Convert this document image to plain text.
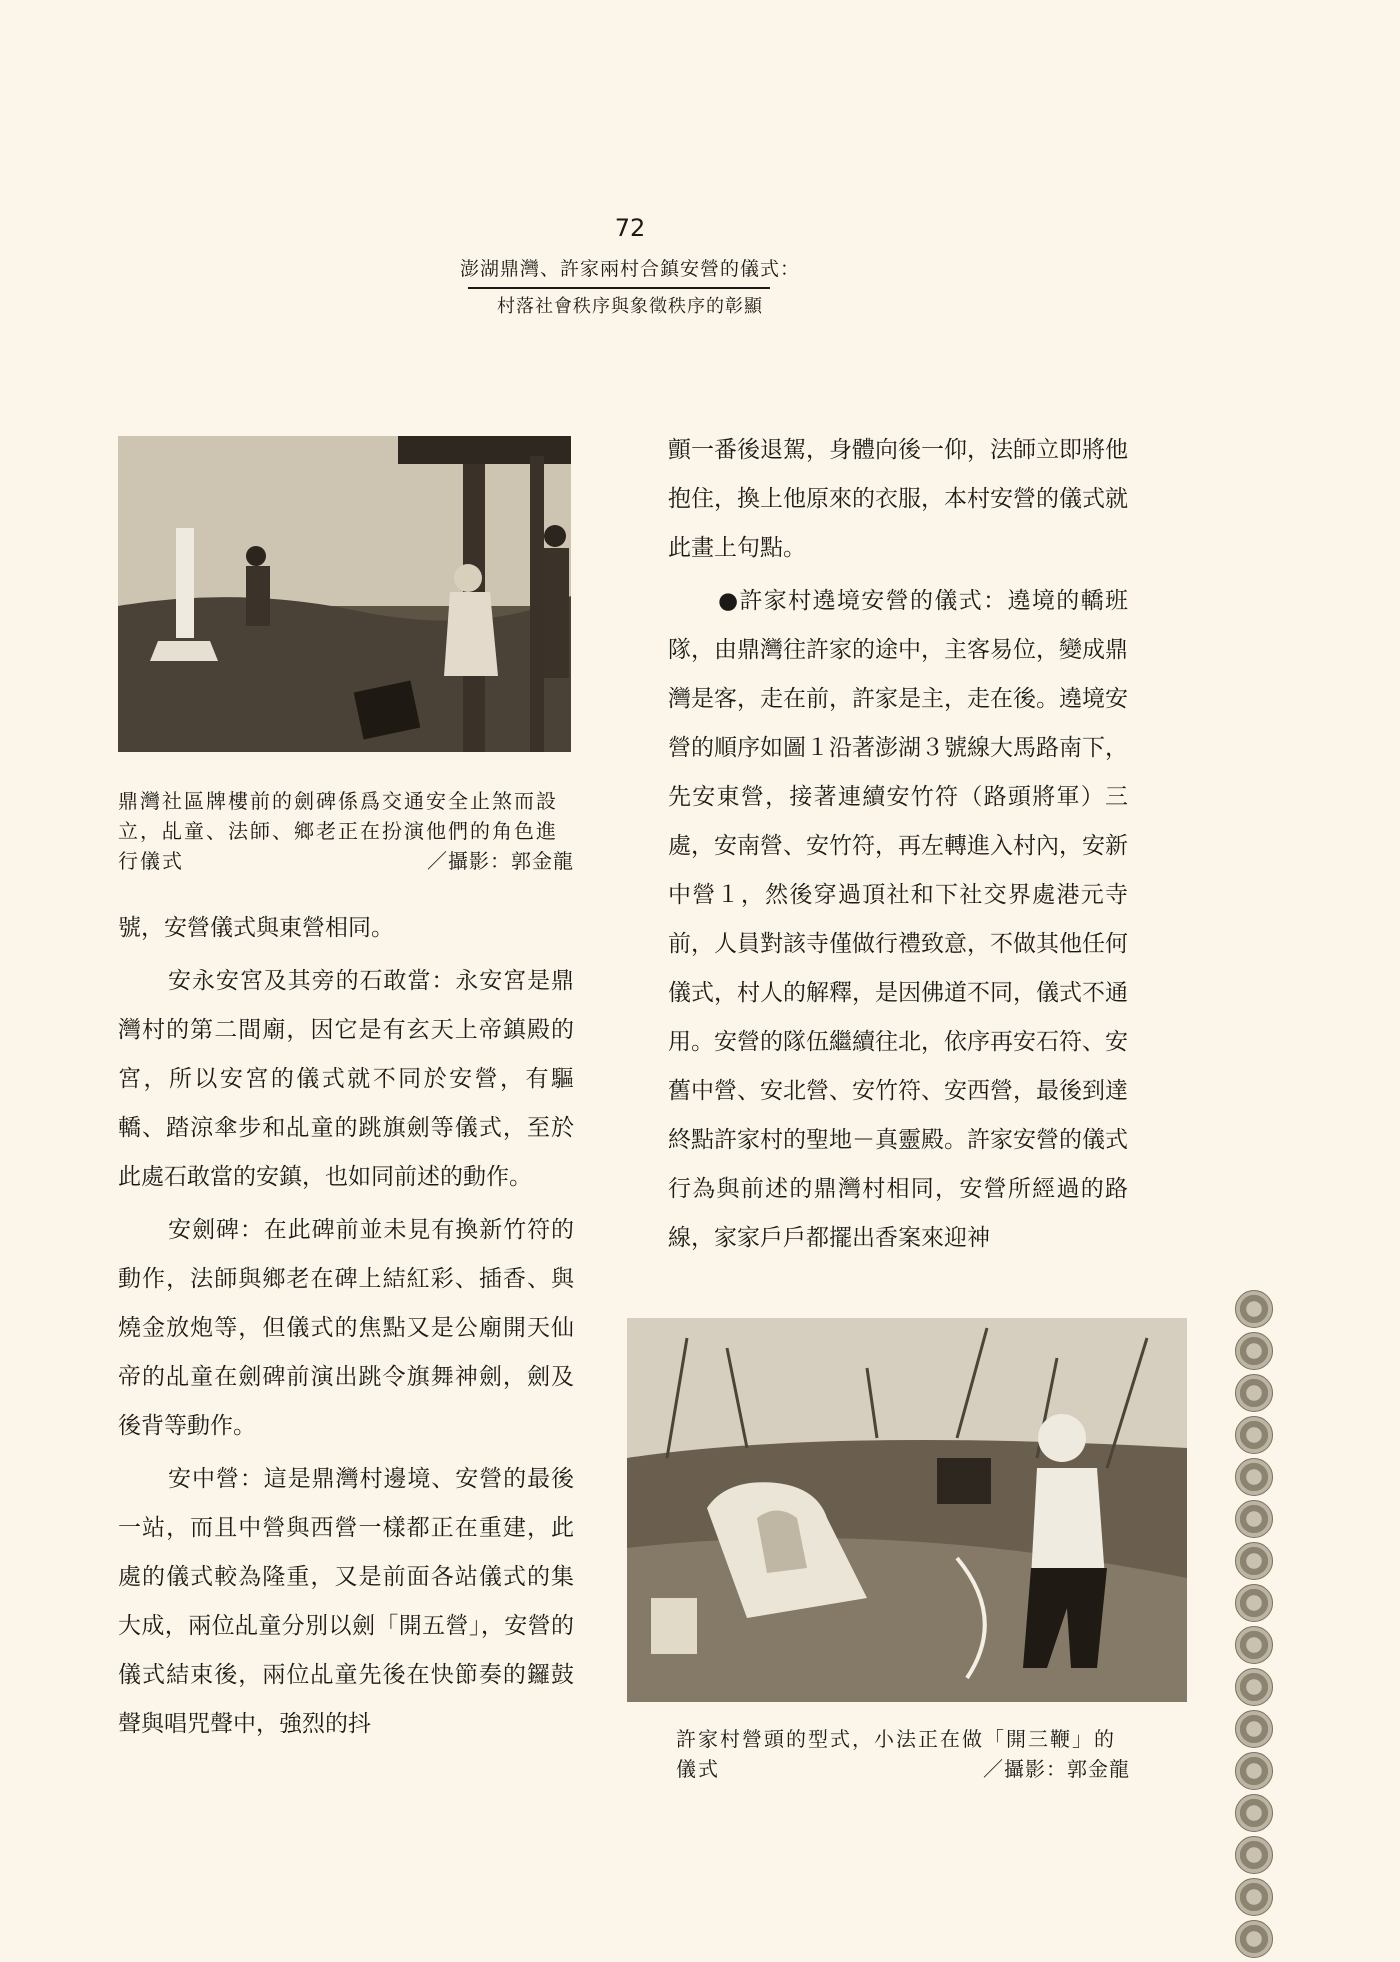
72
澎湖鼎灣、許家兩村合鎮安營的儀式：
村落社會秩序與象徵秩序的彰顯
鼎灣社區牌樓前的劍碑係爲交通安全止煞而設立，乩童、法師、鄉老正在扮演他們的角色進行儀式	／攝影：郭金龍

號，安營儀式與東營相同。

安永安宮及其旁的石敢當：永安宮是鼎灣村的第二間廟，因它是有玄天上帝鎮殿的宮，所以安宮的儀式就不同於安營，有驅轎、踏涼傘步和乩童的跳旗劍等儀式，至於此處石敢當的安鎮，也如同前述的動作。

安劍碑：在此碑前並未見有換新竹符的動作，法師與鄉老在碑上結紅彩、插香、與燒金放炮等，但儀式的焦點又是公廟開天仙帝的乩童在劍碑前演出跳令旗舞神劍，劍及後背等動作。

安中營：這是鼎灣村邊境、安營的最後一站，而且中營與西營一樣都正在重建，此處的儀式較為隆重，又是前面各站儀式的集大成，兩位乩童分別以劍「開五營」，安營的儀式結束後，兩位乩童先後在快節奏的鑼鼓聲與唱咒聲中，強烈的抖

顫一番後退駕，身體向後一仰，法師立即將他抱住，換上他原來的衣服，本村安營的儀式就此畫上句點。

●許家村遶境安營的儀式：遶境的轎班隊，由鼎灣往許家的途中，主客易位，變成鼎灣是客，走在前，許家是主，走在後。遶境安營的順序如圖１沿著澎湖３號線大馬路南下，先安東營，接著連續安竹符（路頭將軍）三處，安南營、安竹符，再左轉進入村內，安新中營１，然後穿過頂社和下社交界處港元寺前，人員對該寺僅做行禮致意，不做其他任何儀式，村人的解釋，是因佛道不同，儀式不通用。安營的隊伍繼續往北，依序再安石符、安舊中營、安北營、安竹符、安西營，最後到達終點許家村的聖地－真靈殿。許家安營的儀式行為與前述的鼎灣村相同，安營所經過的路線，家家戶戶都擺出香案來迎神

許家村營頭的型式，小法正在做「開三鞭」的儀式	／攝影：郭金龍
